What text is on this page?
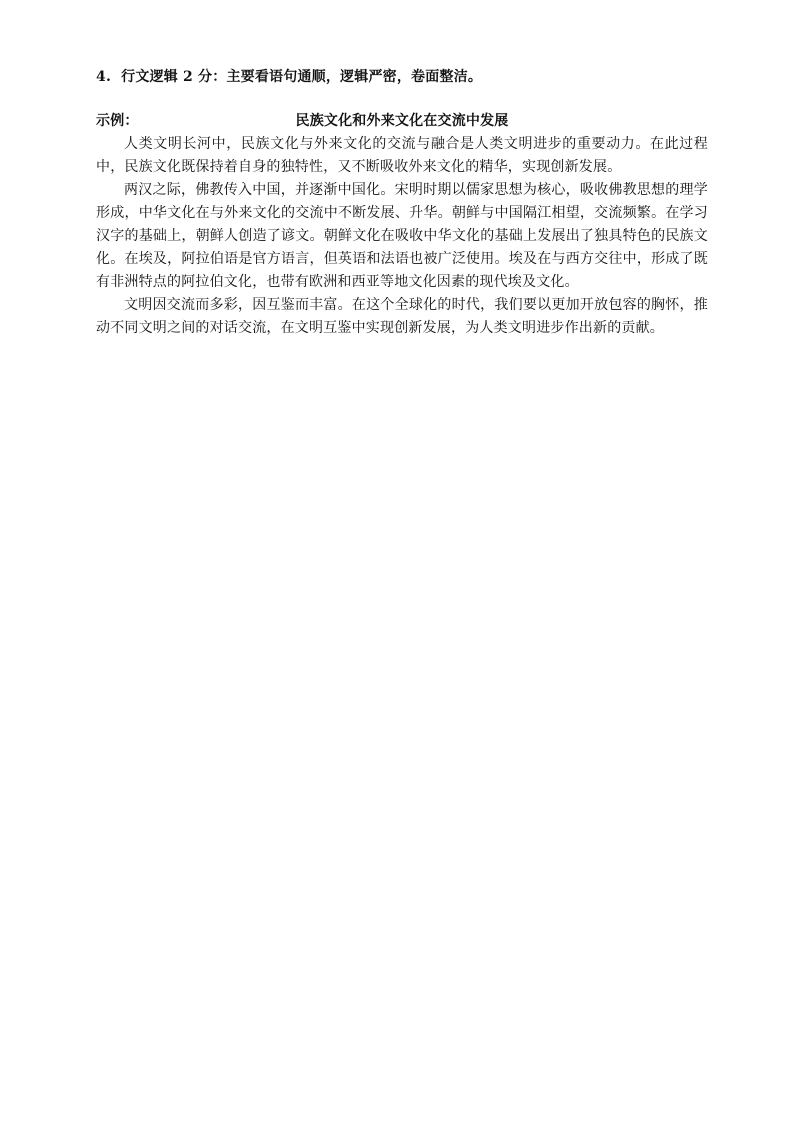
4. 行文逻辑 2 分：主要看语句通顺，逻辑严密，卷面整洁。

示例：	民族文化和外来文化在交流中发展

人类文明长河中，民族文化与外来文化的交流与融合是人类文明进步的重要动力。在此过程中，民族文化既保持着自身的独特性，又不断吸收外来文化的精华，实现创新发展。

两汉之际，佛教传入中国，并逐渐中国化。宋明时期以儒家思想为核心，吸收佛教思想的理学形成，中华文化在与外来文化的交流中不断发展、升华。朝鲜与中国隔江相望，交流频繁。在学习汉字的基础上，朝鲜人创造了谚文。朝鲜文化在吸收中华文化的基础上发展出了独具特色的民族文化。在埃及，阿拉伯语是官方语言，但英语和法语也被广泛使用。埃及在与西方交往中，形成了既有非洲特点的阿拉伯文化，也带有欧洲和西亚等地文化因素的现代埃及文化。

文明因交流而多彩，因互鉴而丰富。在这个全球化的时代，我们要以更加开放包容的胸怀，推动不同文明之间的对话交流，在文明互鉴中实现创新发展，为人类文明进步作出新的贡献。
